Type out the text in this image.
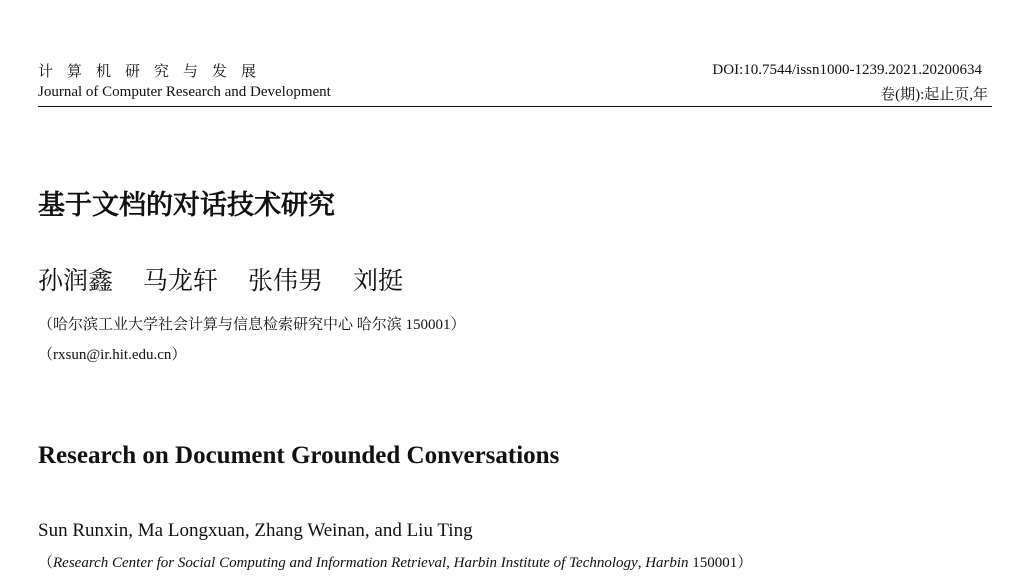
计算机研究与发展
Journal of Computer Research and Development
DOI:10.7544/issn1000-1239.2021.20200634
卷(期):起止页,年
基于文档的对话技术研究
孙润鑫 马龙轩 张伟男 刘挺
（哈尔滨工业大学社会计算与信息检索研究中心 哈尔滨 150001）
（rxsun@ir.hit.edu.cn）
Research on Document Grounded Conversations
Sun Runxin, Ma Longxuan, Zhang Weinan, and Liu Ting
（Research Center for Social Computing and Information Retrieval, Harbin Institute of Technology, Harbin 150001）
